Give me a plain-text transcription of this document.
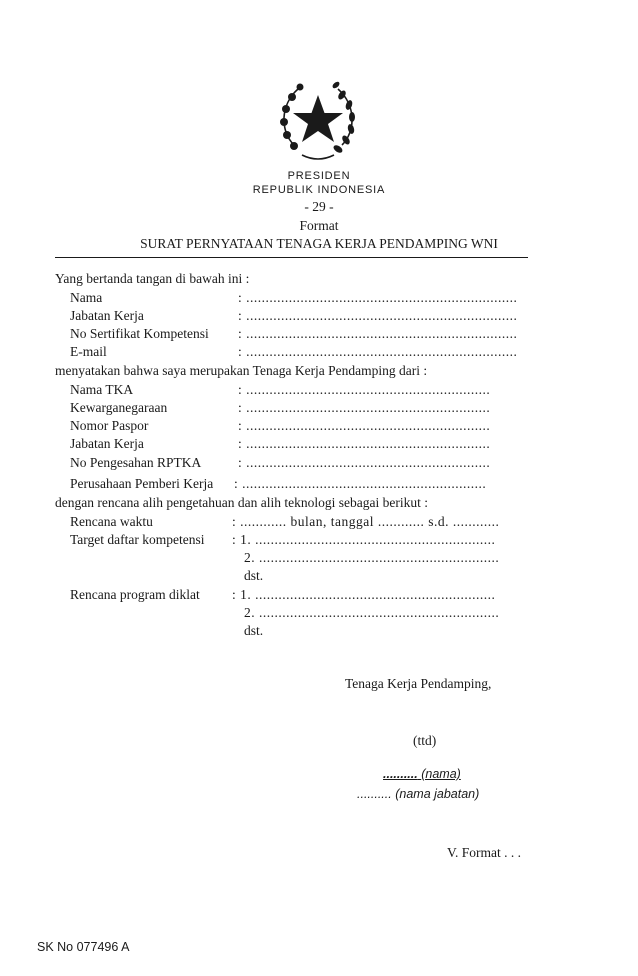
PRESIDEN
REPUBLIK INDONESIA
- 29 -
Format
SURAT PERNYATAAN TENAGA KERJA PENDAMPING WNI
Yang bertanda tangan di bawah ini :
Nama	: ......................................................................
Jabatan Kerja	: ......................................................................
No Sertifikat Kompetensi : ......................................................................
E-mail	: ......................................................................
menyatakan bahwa saya merupakan Tenaga Kerja Pendamping dari :
Nama TKA	: ...............................................................
Kewarganegaraan	: ...............................................................
Nomor Paspor	: ...............................................................
Jabatan Kerja	: ...............................................................
No Pengesahan RPTKA	: ...............................................................
Perusahaan Pemberi Kerja : ...............................................................
dengan rencana alih pengetahuan dan alih teknologi sebagai berikut :
Rencana waktu	: ............ bulan, tanggal ............ s.d. ............
Target daftar kompetensi : 1. ..............................................................
2. ..............................................................
dst.
Rencana program diklat : 1. ..............................................................
2. ..............................................................
dst.
Tenaga Kerja Pendamping,
(ttd)
.......... (nama)
.......... (nama jabatan)
V. Format . . .
SK No 077496 A
